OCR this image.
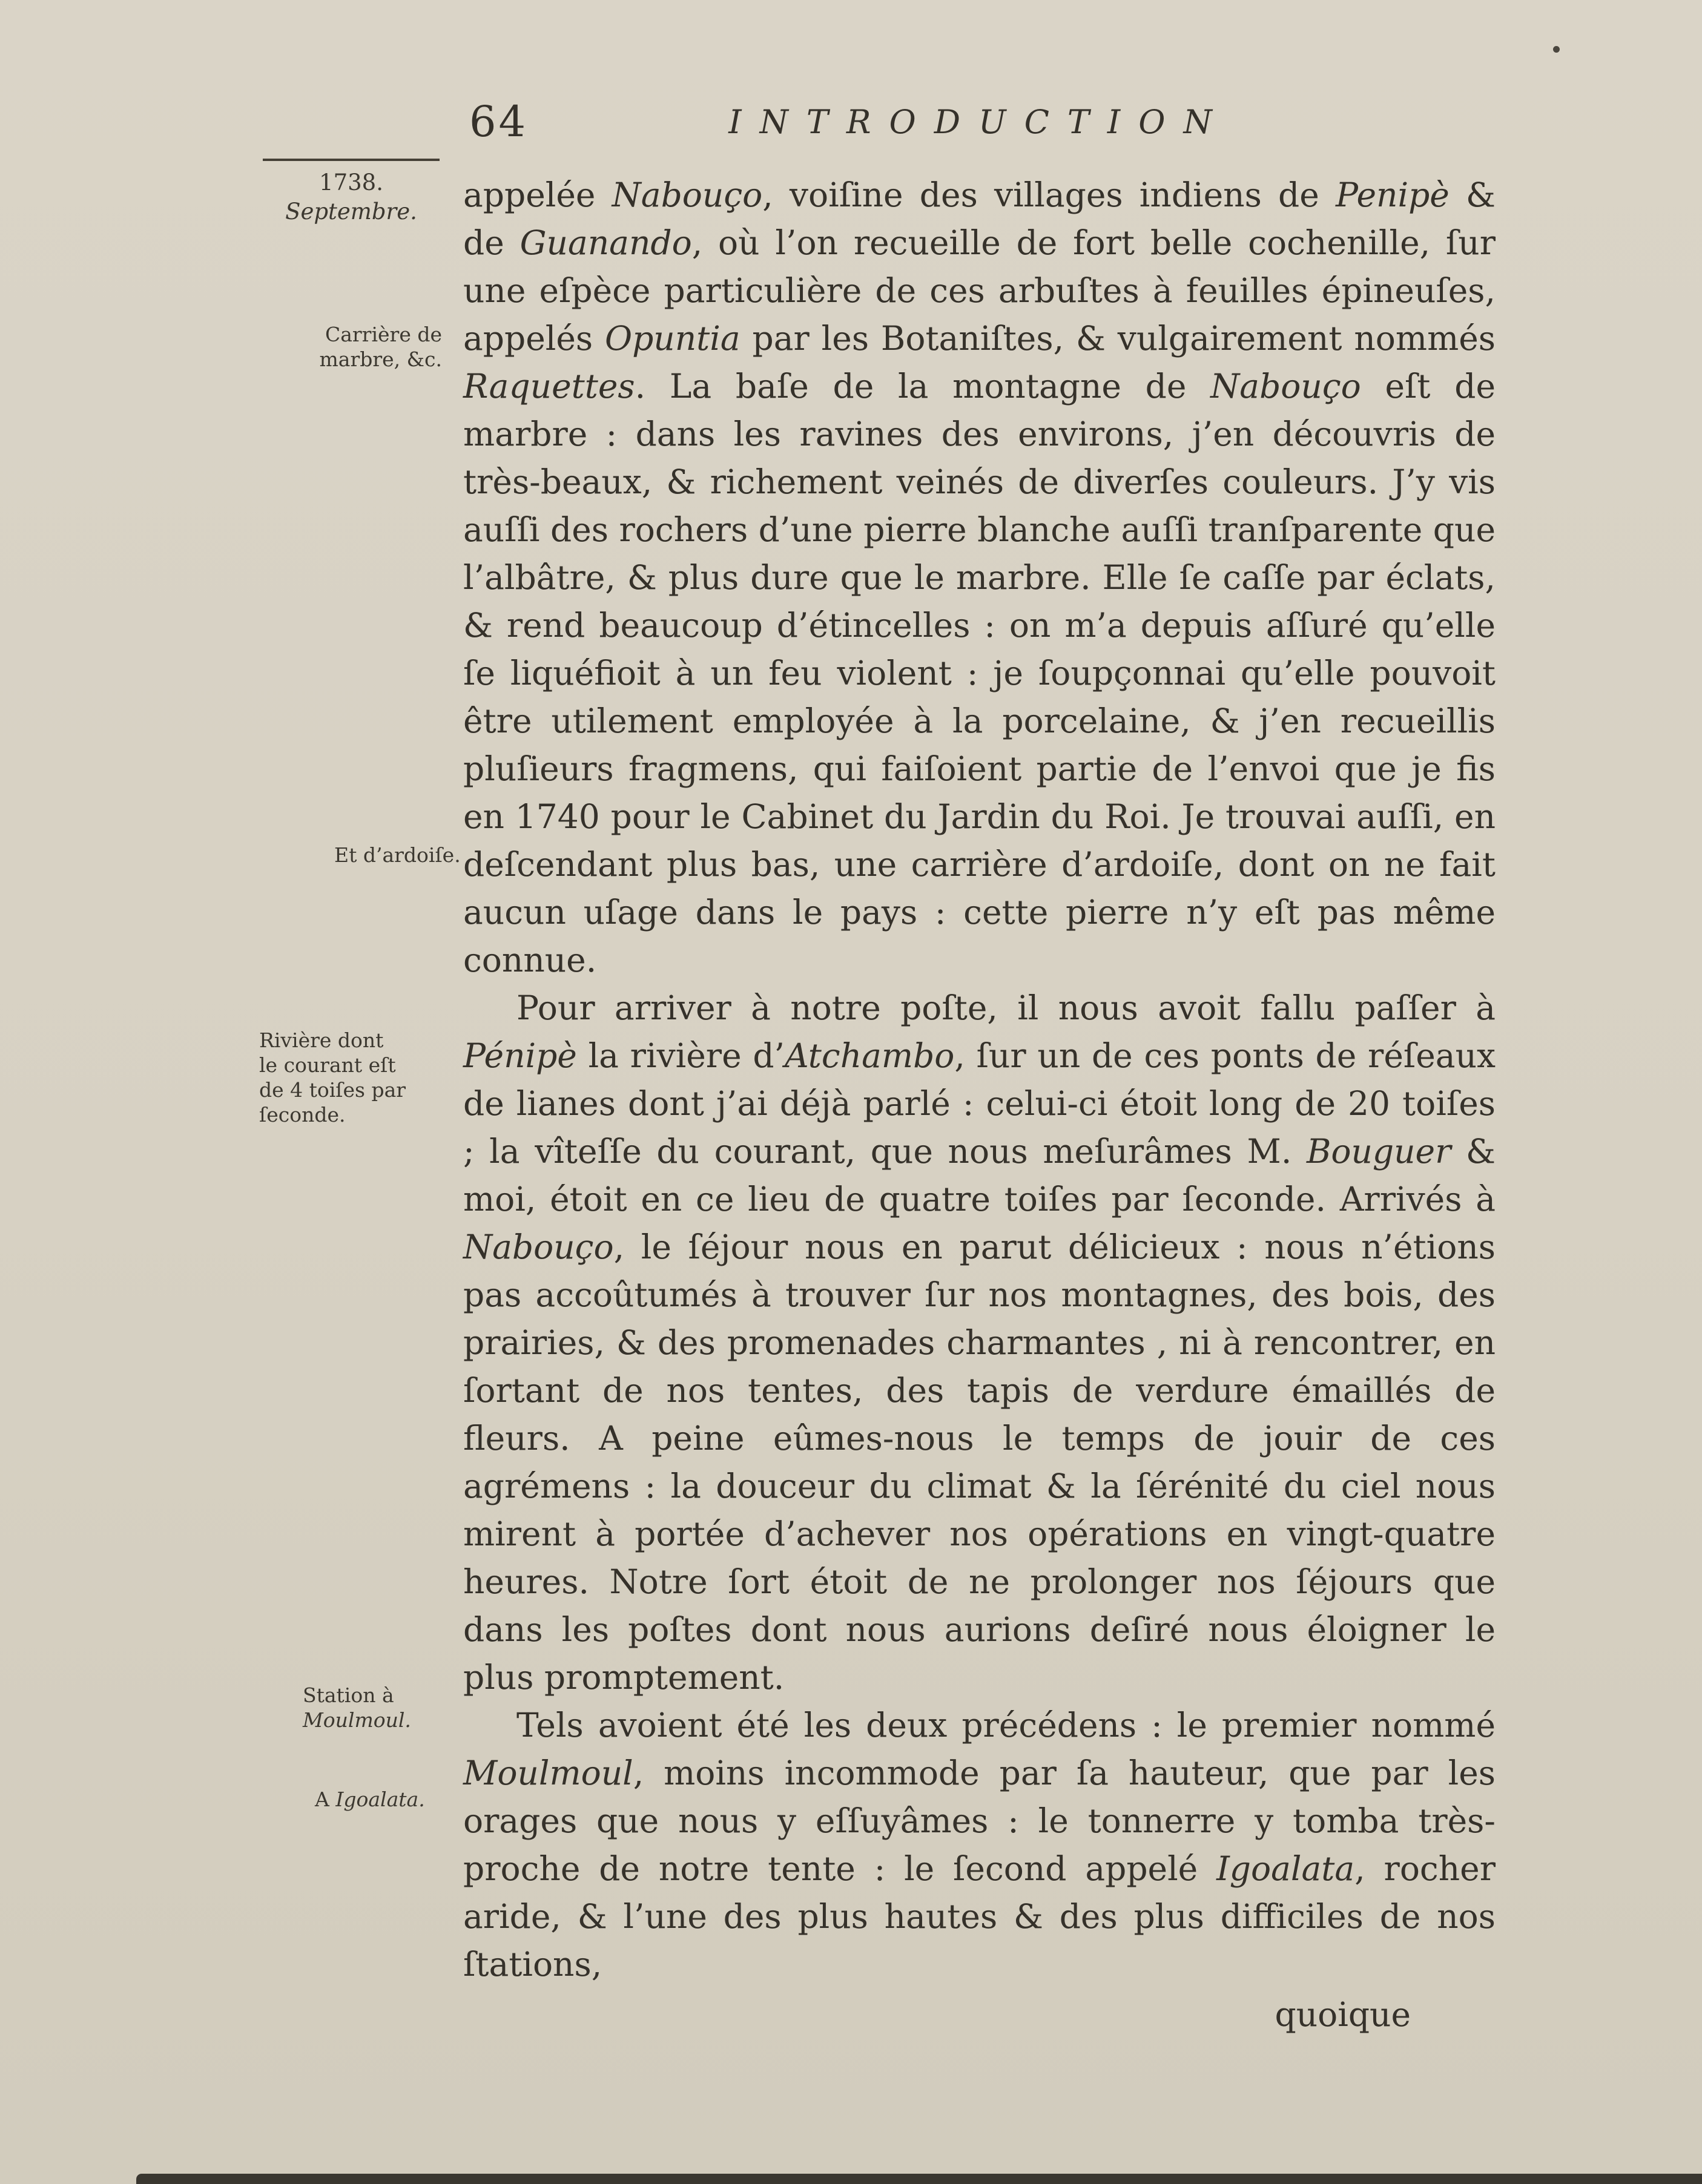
64	INTRODUCTION
1738.
Septembre.
Carrière de
marbre, &c.
Et d’ardoiſe.
Rivière dont
le courant eſt
de 4 toiſes par
ſeconde.
Station à
Moulmoul.
A Igoalata.

appelée Nabouço, voiſine des villages indiens de Penipè & de Guanando, où l’on recueille de fort belle cochenille, ſur une eſpèce particulière de ces arbuſtes à feuilles épineuſes, appelés Opuntia par les Botaniſtes, & vulgairement nommés Raquettes. La baſe de la montagne de Nabouço eſt de marbre : dans les ravines des environs, j’en découvris de très-beaux, & richement veinés de diverſes couleurs. J’y vis auſſi des rochers d’une pierre blanche auſſi tranſparente que l’albâtre, & plus dure que le marbre. Elle ſe caſſe par éclats, & rend beaucoup d’étincelles : on m’a depuis aſſuré qu’elle ſe liquéfioit à un feu violent : je ſoupçonnai qu’elle pouvoit être utilement employée à la porcelaine, & j’en recueillis pluſieurs fragmens, qui faiſoient partie de l’envoi que je fis en 1740 pour le Cabinet du Jardin du Roi. Je trouvai auſſi, en deſcendant plus bas, une carrière d’ardoiſe, dont on ne fait aucun uſage dans le pays : cette pierre n’y eſt pas même connue.

Pour arriver à notre poſte, il nous avoit fallu paſſer à Pénipè la rivière d’Atchambo, ſur un de ces ponts de réſeaux de lianes dont j’ai déjà parlé : celui-ci étoit long de 20 toiſes ; la vîteſſe du courant, que nous meſurâmes M. Bouguer & moi, étoit en ce lieu de quatre toiſes par ſeconde. Arrivés à Nabouço, le ſéjour nous en parut délicieux : nous n’étions pas accoûtumés à trouver ſur nos montagnes, des bois, des prairies, & des promenades charmantes , ni à rencontrer, en ſortant de nos tentes, des tapis de verdure émaillés de fleurs. A peine eûmes-nous le temps de jouir de ces agrémens : la douceur du climat & la ſérénité du ciel nous mirent à portée d’achever nos opérations en vingt-quatre heures. Notre ſort étoit de ne prolonger nos ſéjours que dans les poſtes dont nous aurions deſiré nous éloigner le plus promptement.

Tels avoient été les deux précédens : le premier nommé Moulmoul, moins incommode par ſa hauteur, que par les orages que nous y eſſuyâmes : le tonnerre y tomba très-proche de notre tente : le ſecond appelé Igoalata, rocher aride, & l’une des plus hautes & des plus difficiles de nos ſtations,

quoique
